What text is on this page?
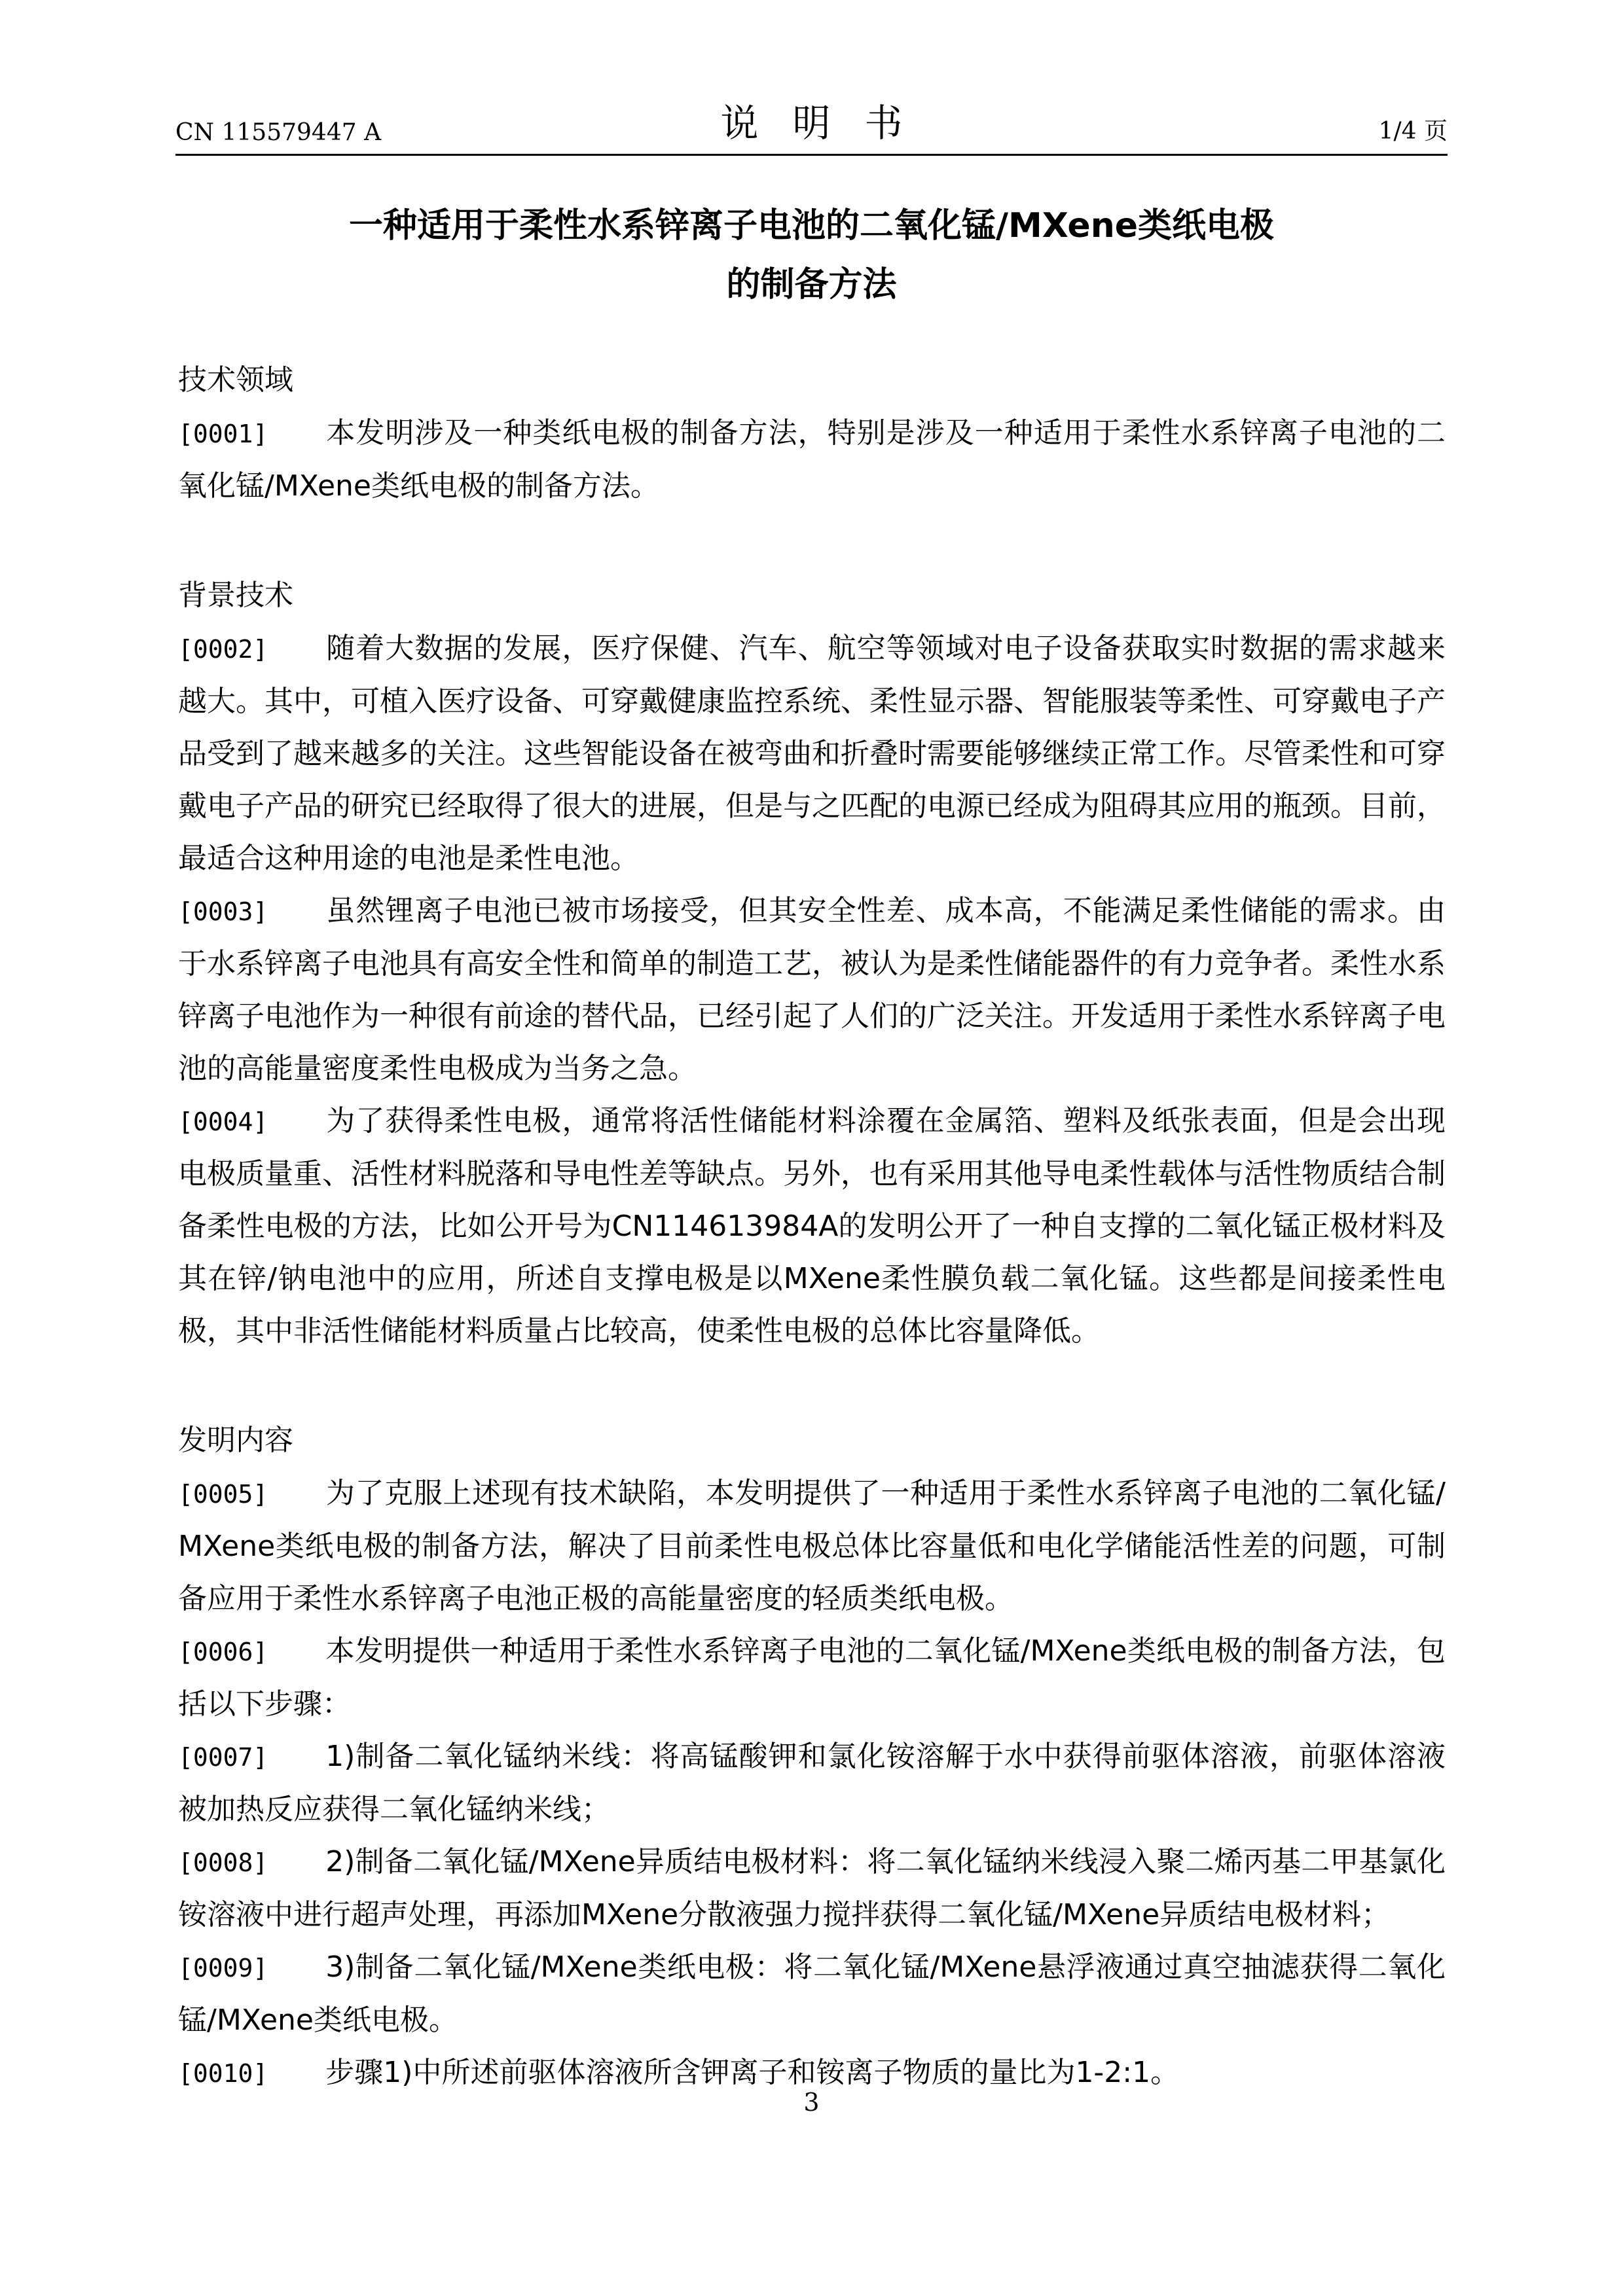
CN 115579447 A	说明书	1/4 页
一种适用于柔性水系锌离子电池的二氧化锰/MXene类纸电极
的制备方法
技术领域

[0001]   本发明涉及一种类纸电极的制备方法，特别是涉及一种适用于柔性水系锌离子电池的二氧化锰/MXene类纸电极的制备方法。

背景技术

[0002]   随着大数据的发展，医疗保健、汽车、航空等领域对电子设备获取实时数据的需求越来越大。其中，可植入医疗设备、可穿戴健康监控系统、柔性显示器、智能服装等柔性、可穿戴电子产品受到了越来越多的关注。这些智能设备在被弯曲和折叠时需要能够继续正常工作。尽管柔性和可穿戴电子产品的研究已经取得了很大的进展，但是与之匹配的电源已经成为阻碍其应用的瓶颈。目前，最适合这种用途的电池是柔性电池。

[0003]   虽然锂离子电池已被市场接受，但其安全性差、成本高，不能满足柔性储能的需求。由于水系锌离子电池具有高安全性和简单的制造工艺，被认为是柔性储能器件的有力竞争者。柔性水系锌离子电池作为一种很有前途的替代品，已经引起了人们的广泛关注。开发适用于柔性水系锌离子电池的高能量密度柔性电极成为当务之急。

[0004]   为了获得柔性电极，通常将活性储能材料涂覆在金属箔、塑料及纸张表面，但是会出现电极质量重、活性材料脱落和导电性差等缺点。另外，也有采用其他导电柔性载体与活性物质结合制备柔性电极的方法，比如公开号为CN114613984A的发明公开了一种自支撑的二氧化锰正极材料及其在锌/钠电池中的应用，所述自支撑电极是以MXene柔性膜负载二氧化锰。这些都是间接柔性电极，其中非活性储能材料质量占比较高，使柔性电极的总体比容量降低。

发明内容

[0005]   为了克服上述现有技术缺陷，本发明提供了一种适用于柔性水系锌离子电池的二氧化锰/MXene类纸电极的制备方法，解决了目前柔性电极总体比容量低和电化学储能活性差的问题，可制备应用于柔性水系锌离子电池正极的高能量密度的轻质类纸电极。

[0006]   本发明提供一种适用于柔性水系锌离子电池的二氧化锰/MXene类纸电极的制备方法，包括以下步骤：

[0007]   1)制备二氧化锰纳米线：将高锰酸钾和氯化铵溶解于水中获得前驱体溶液，前驱体溶液被加热反应获得二氧化锰纳米线；

[0008]   2)制备二氧化锰/MXene异质结电极材料：将二氧化锰纳米线浸入聚二烯丙基二甲基氯化铵溶液中进行超声处理，再添加MXene分散液强力搅拌获得二氧化锰/MXene异质结电极材料；

[0009]   3)制备二氧化锰/MXene类纸电极：将二氧化锰/MXene悬浮液通过真空抽滤获得二氧化锰/MXene类纸电极。

[0010]   步骤1)中所述前驱体溶液所含钾离子和铵离子物质的量比为1-2:1。

3
